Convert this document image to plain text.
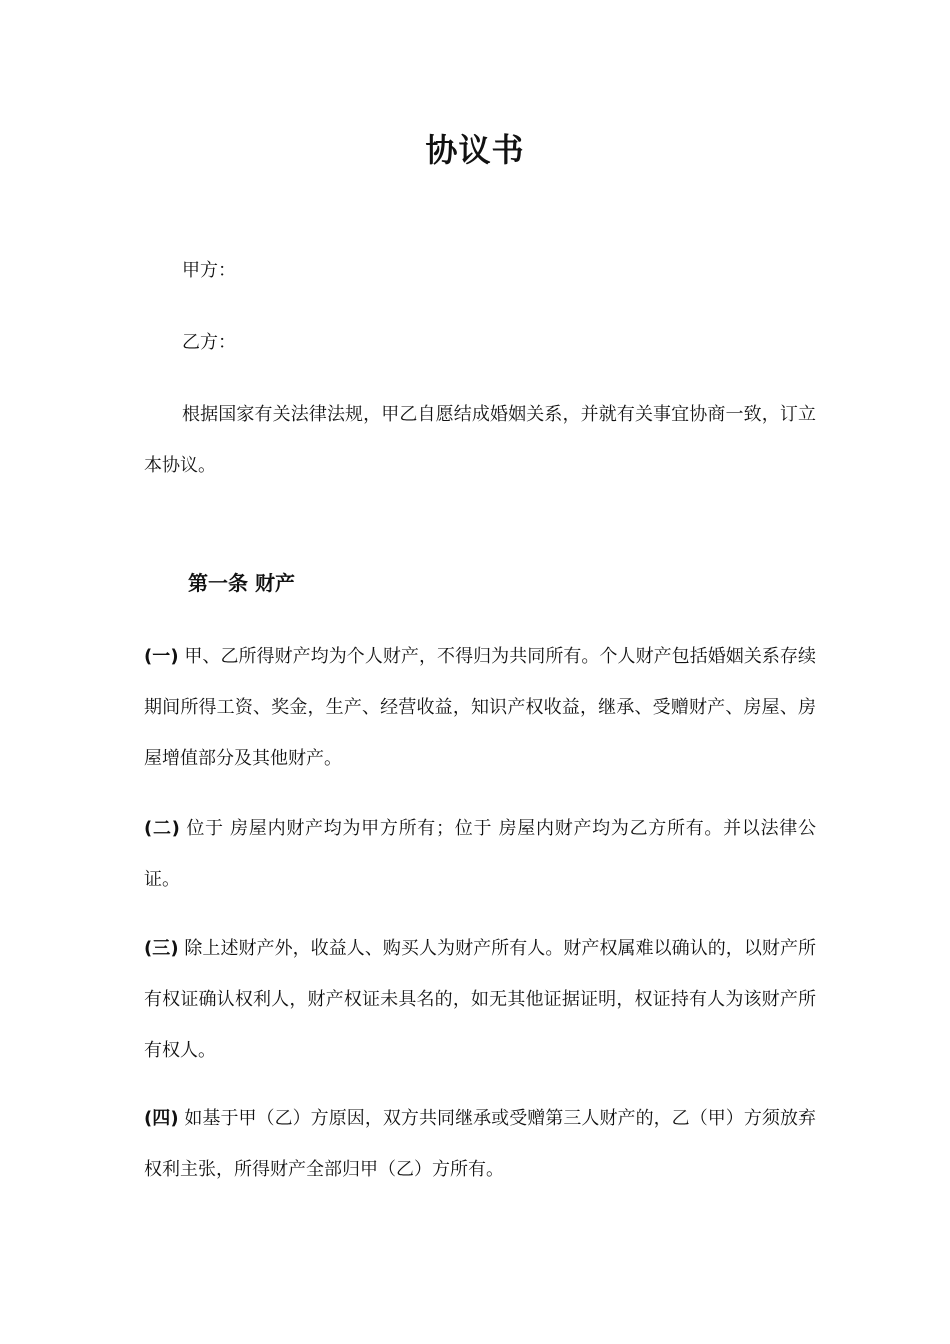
协议书
甲方：
乙方：

根据国家有关法律法规，甲乙自愿结成婚姻关系，并就有关事宜协商一致，订立本协议。

第一条 财产

(一) 甲、乙所得财产均为个人财产，不得归为共同所有。个人财产包括婚姻关系存续期间所得工资、奖金，生产、经营收益，知识产权收益，继承、受赠财产、房屋、房屋增值部分及其他财产。

(二) 位于 房屋内财产均为甲方所有；位于 房屋内财产均为乙方所有。并以法律公证。

(三) 除上述财产外，收益人、购买人为财产所有人。财产权属难以确认的，以财产所有权证确认权利人，财产权证未具名的，如无其他证据证明，权证持有人为该财产所有权人。

(四) 如基于甲（乙）方原因，双方共同继承或受赠第三人财产的，乙（甲）方须放弃权利主张，所得财产全部归甲（乙）方所有。
